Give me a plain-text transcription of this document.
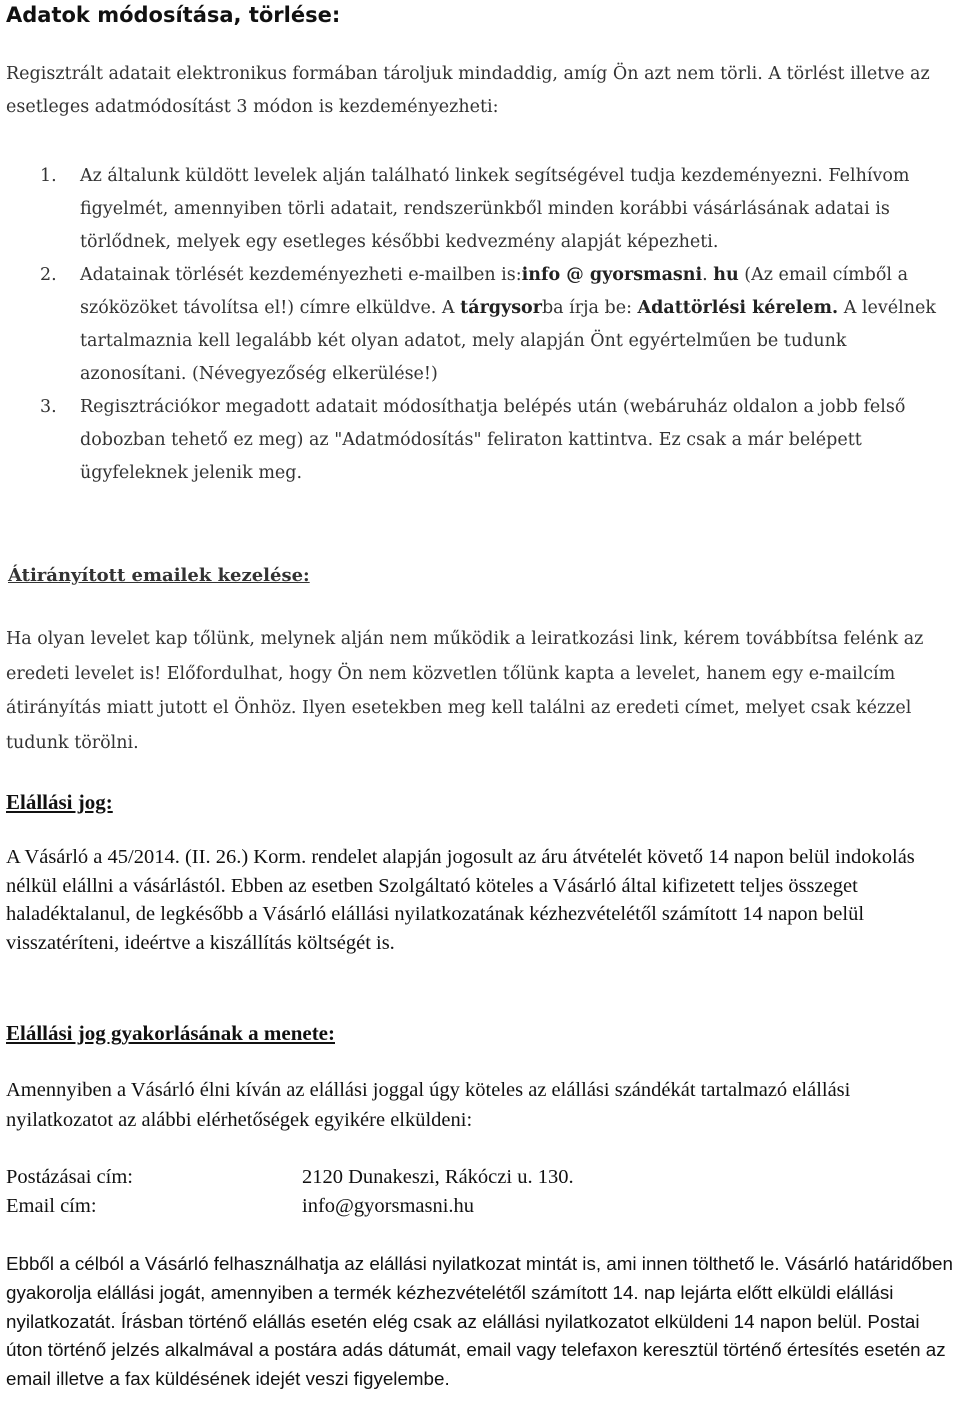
Adatok módosítása, törlése:

Regisztrált adatait elektronikus formában tároljuk mindaddig, amíg Ön azt nem törli. A törlést illetve az esetleges adatmódosítást 3 módon is kezdeményezheti:

1. Az általunk küldött levelek alján található linkek segítségével tudja kezdeményezni. Felhívom figyelmét, amennyiben törli adatait, rendszerünkből minden korábbi vásárlásának adatai is törlődnek, melyek egy esetleges későbbi kedvezmény alapját képezheti.
2. Adatainak törlését kezdeményezheti e-mailben is:info @ gyorsmasni. hu (Az email címből a szóközöket távolítsa el!) címre elküldve. A tárgysorba írja be: Adattörlési kérelem. A levélnek tartalmaznia kell legalább két olyan adatot, mely alapján Önt egyértelműen be tudunk azonosítani. (Névegyezőség elkerülése!)
3. Regisztrációkor megadott adatait módosíthatja belépés után (webáruház oldalon a jobb felső dobozban tehető ez meg) az "Adatmódosítás" feliraton kattintva. Ez csak a már belépett ügyfeleknek jelenik meg.
Átirányított emailek kezelése:

Ha olyan levelet kap tőlünk, melynek alján nem működik a leiratkozási link, kérem továbbítsa felénk az eredeti levelet is! Előfordulhat, hogy Ön nem közvetlen tőlünk kapta a levelet, hanem egy e-mailcím átirányítás miatt jutott el Önhöz. Ilyen esetekben meg kell találni az eredeti címet, melyet csak kézzel tudunk törölni.

Elállási jog:

A Vásárló a 45/2014. (II. 26.) Korm. rendelet alapján jogosult az áru átvételét követő 14 napon belül indokolás nélkül elállni a vásárlástól. Ebben az esetben Szolgáltató köteles a Vásárló által kifizetett teljes összeget haladéktalanul, de legkésőbb a Vásárló elállási nyilatkozatának kézhezvételétől számított 14 napon belül visszatéríteni, ideértve a kiszállítás költségét is.

Elállási jog gyakorlásának a menete:

Amennyiben a Vásárló élni kíván az elállási joggal úgy köteles az elállási szándékát tartalmazó elállási nyilatkozatot az alábbi elérhetőségek egyikére elküldeni:

Postázásai cím:	2120 Dunakeszi, Rákóczi u. 130.
Email cím:	info@gyorsmasni.hu

Ebből a célból a Vásárló felhasználhatja az elállási nyilatkozat mintát is, ami innen tölthető le. Vásárló határidőben gyakorolja elállási jogát, amennyiben a termék kézhezvételétől számított 14. nap lejárta előtt elküldi elállási nyilatkozatát. Írásban történő elállás esetén elég csak az elállási nyilatkozatot elküldeni 14 napon belül. Postai úton történő jelzés alkalmával a postára adás dátumát, email vagy telefaxon keresztül történő értesítés esetén az email illetve a fax küldésének idejét veszi figyelembe.
